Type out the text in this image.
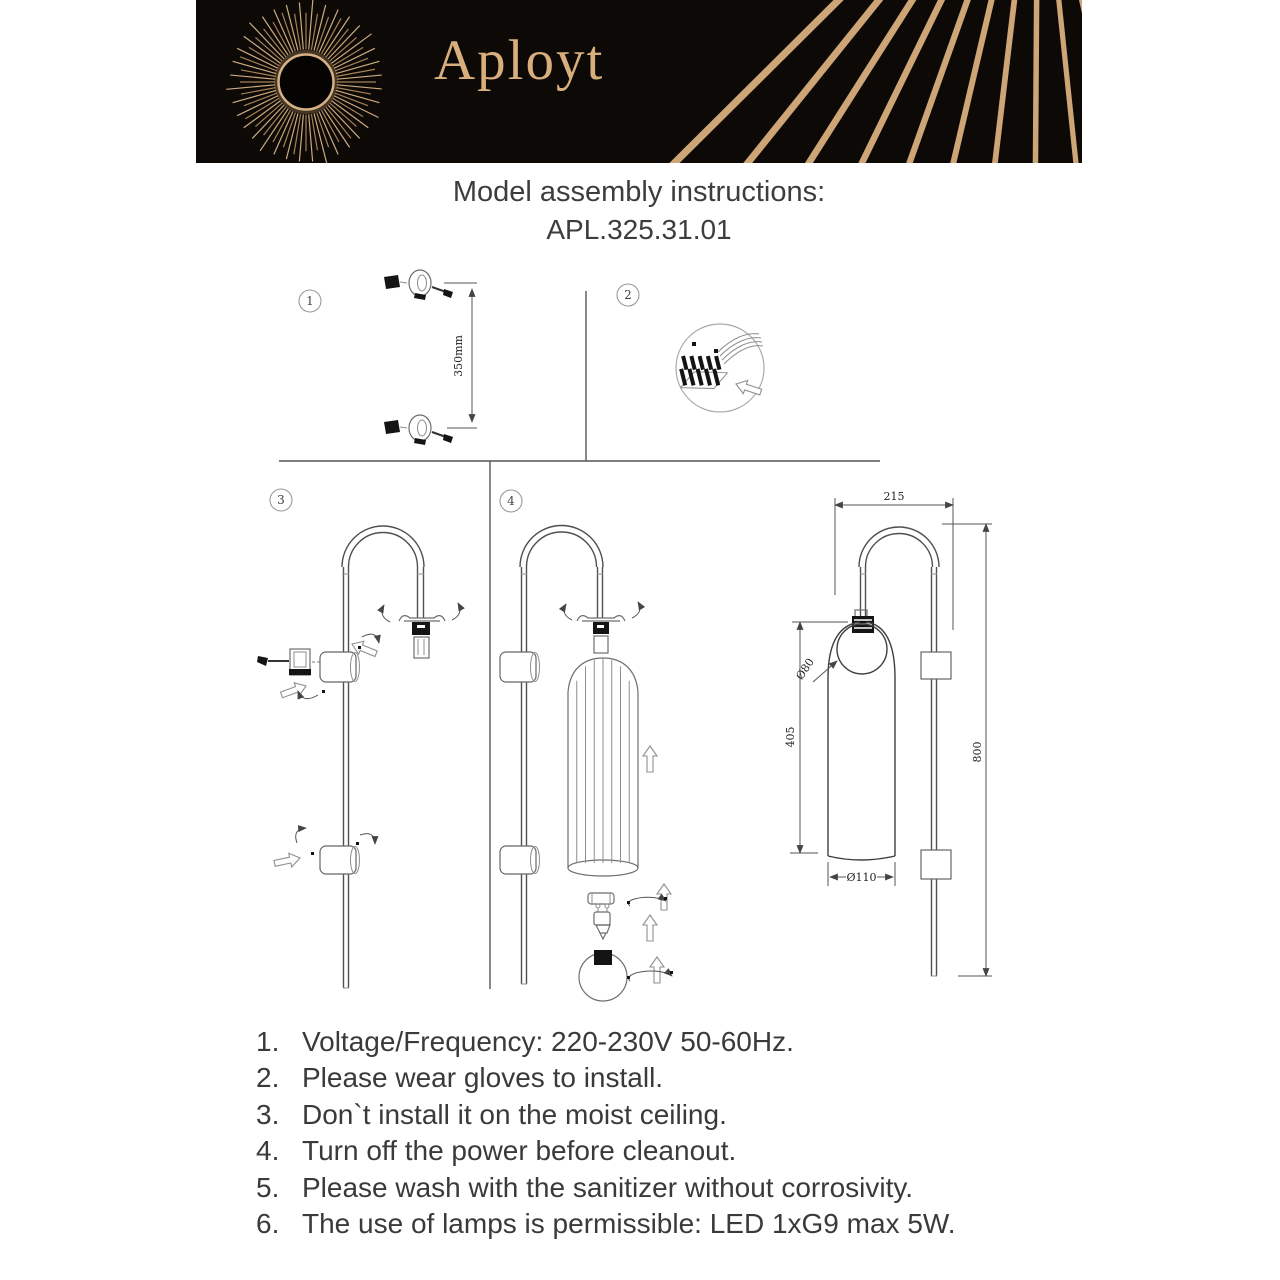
Aployt
Model assembly instructions:
APL.325.31.01
1	2
3	4
350mm
215
800
405
Ø80
Ø110
1. Voltage/Frequency: 220-230V 50-60Hz.
2. Please wear gloves to install.
3. Don`t install it on the moist ceiling.
4. Turn off the power before cleanout.
5. Please wash with the sanitizer without corrosivity.
6. The use of lamps is permissible: LED 1xG9 max 5W.
